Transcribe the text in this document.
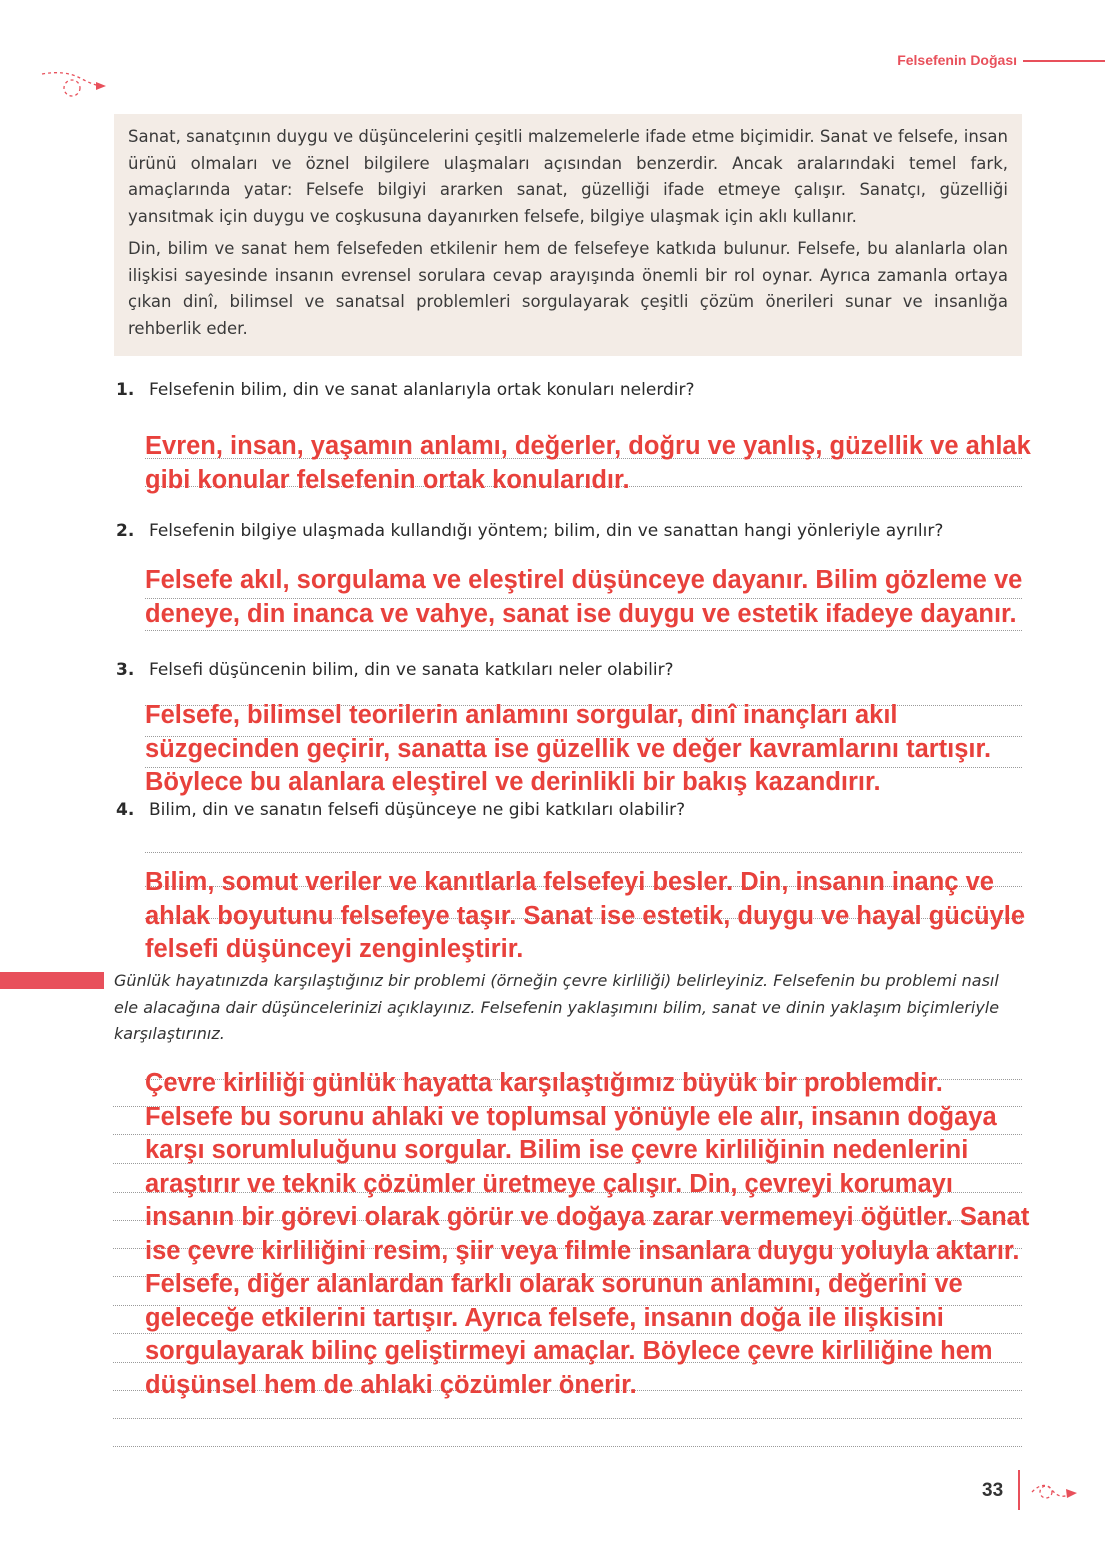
Felsefenin Doğası

Sanat, sanatçının duygu ve düşüncelerini çeşitli malzemelerle ifade etme biçimidir. Sanat ve felsefe, insan ürünü olmaları ve öznel bilgilere ulaşmaları açısından benzerdir. Ancak aralarındaki temel fark, amaçlarında yatar: Felsefe bilgiyi ararken sanat, güzelliği ifade etmeye çalışır. Sanatçı, güzelliği yansıtmak için duygu ve coşkusuna dayanırken felsefe, bilgiye ulaşmak için aklı kullanır.

Din, bilim ve sanat hem felsefeden etkilenir hem de felsefeye katkıda bulunur. Felsefe, bu alanlarla olan ilişkisi sayesinde insanın evrensel sorulara cevap arayışında önemli bir rol oynar. Ayrıca zamanla ortaya çıkan dinî, bilimsel ve sanatsal problemleri sorgulayarak çeşitli çözüm önerileri sunar ve insanlığa rehberlik eder.

1. Felsefenin bilim, din ve sanat alanlarıyla ortak konuları nelerdir?
Evren, insan, yaşamın anlamı, değerler, doğru ve yanlış, güzellik ve ahlak
gibi konular felsefenin ortak konularıdır.
2. Felsefenin bilgiye ulaşmada kullandığı yöntem; bilim, din ve sanattan hangi yönleriyle ayrılır?
Felsefe akıl, sorgulama ve eleştirel düşünceye dayanır. Bilim gözleme ve
deneye, din inanca ve vahye, sanat ise duygu ve estetik ifadeye dayanır.
3. Felsefi düşüncenin bilim, din ve sanata katkıları neler olabilir?
Felsefe, bilimsel teorilerin anlamını sorgular, dinî inançları akıl
süzgecinden geçirir, sanatta ise güzellik ve değer kavramlarını tartışır.
Böylece bu alanlara eleştirel ve derinlikli bir bakış kazandırır.
4. Bilim, din ve sanatın felsefi düşünceye ne gibi katkıları olabilir?
Bilim, somut veriler ve kanıtlarla felsefeyi besler. Din, insanın inanç ve
ahlak boyutunu felsefeye taşır. Sanat ise estetik, duygu ve hayal gücüyle
felsefi düşünceyi zenginleştirir.
Günlük hayatınızda karşılaştığınız bir problemi (örneğin çevre kirliliği) belirleyiniz. Felsefenin bu problemi nasıl ele alacağına dair düşüncelerinizi açıklayınız. Felsefenin yaklaşımını bilim, sanat ve dinin yaklaşım biçimleriyle karşılaştırınız.
Çevre kirliliği günlük hayatta karşılaştığımız büyük bir problemdir.
Felsefe bu sorunu ahlaki ve toplumsal yönüyle ele alır, insanın doğaya
karşı sorumluluğunu sorgular. Bilim ise çevre kirliliğinin nedenlerini
araştırır ve teknik çözümler üretmeye çalışır. Din, çevreyi korumayı
insanın bir görevi olarak görür ve doğaya zarar vermemeyi öğütler. Sanat
ise çevre kirliliğini resim, şiir veya filmle insanlara duygu yoluyla aktarır.
Felsefe, diğer alanlardan farklı olarak sorunun anlamını, değerini ve
geleceğe etkilerini tartışır. Ayrıca felsefe, insanın doğa ile ilişkisini
sorgulayarak bilinç geliştirmeyi amaçlar. Böylece çevre kirliliğine hem
düşünsel hem de ahlaki çözümler önerir.
33
